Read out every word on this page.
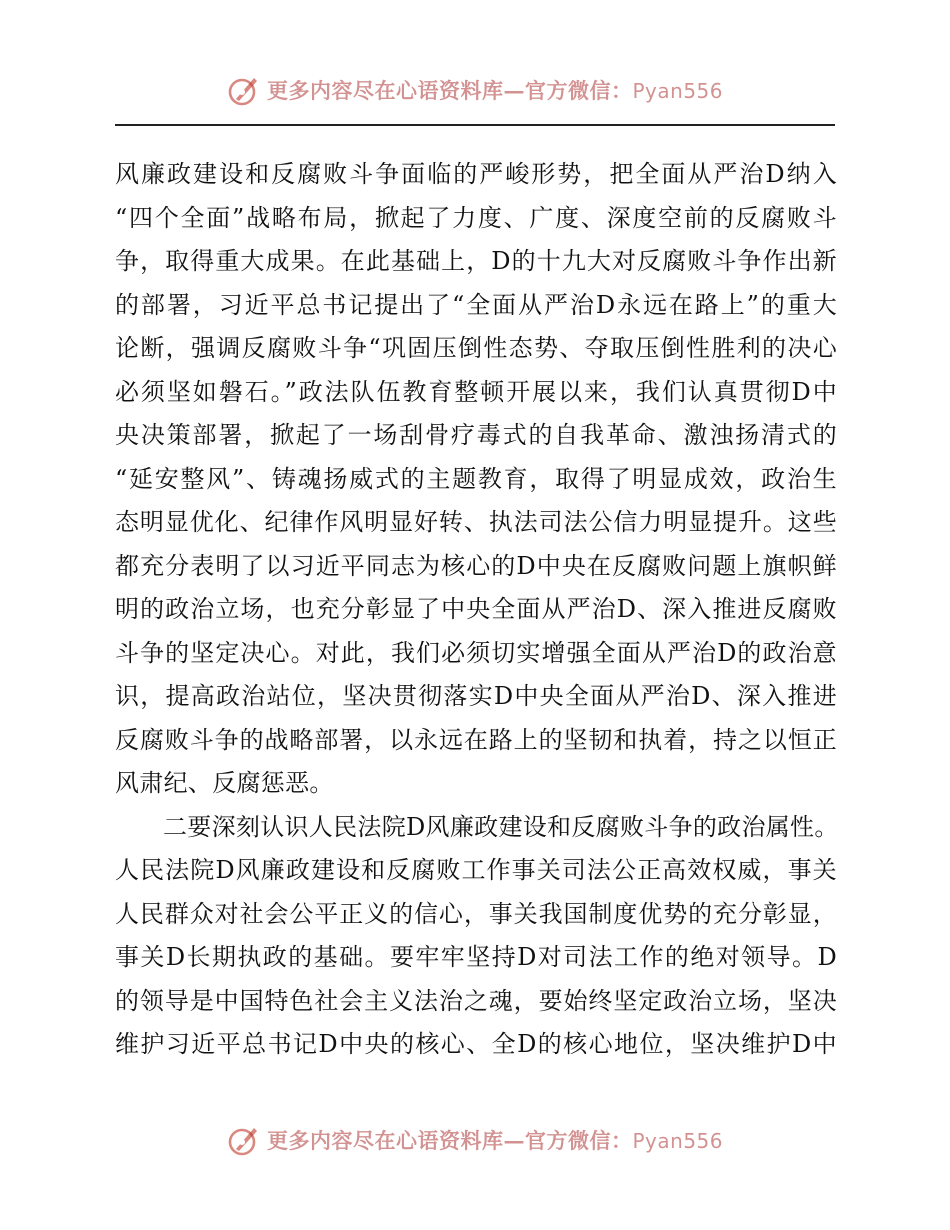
更多内容尽在心语资料库—官方微信：Pyan556
风廉政建设和反腐败斗争面临的严峻形势，把全面从严治D纳入
“四个全面”战略布局，掀起了力度、广度、深度空前的反腐败斗
争，取得重大成果。在此基础上，D的十九大对反腐败斗争作出新
的部署，习近平总书记提出了“全面从严治D永远在路上”的重大
论断，强调反腐败斗争“巩固压倒性态势、夺取压倒性胜利的决心
必须坚如磐石。”政法队伍教育整顿开展以来，我们认真贯彻D中
央决策部署，掀起了一场刮骨疗毒式的自我革命、激浊扬清式的
“延安整风”、铸魂扬威式的主题教育，取得了明显成效，政治生
态明显优化、纪律作风明显好转、执法司法公信力明显提升。这些
都充分表明了以习近平同志为核心的D中央在反腐败问题上旗帜鲜
明的政治立场，也充分彰显了中央全面从严治D、深入推进反腐败
斗争的坚定决心。对此，我们必须切实增强全面从严治D的政治意
识，提高政治站位，坚决贯彻落实D中央全面从严治D、深入推进
反腐败斗争的战略部署，以永远在路上的坚韧和执着，持之以恒正
风肃纪、反腐惩恶。
二要深刻认识人民法院D风廉政建设和反腐败斗争的政治属性。
人民法院D风廉政建设和反腐败工作事关司法公正高效权威，事关
人民群众对社会公平正义的信心，事关我国制度优势的充分彰显，
事关D长期执政的基础。要牢牢坚持D对司法工作的绝对领导。D
的领导是中国特色社会主义法治之魂，要始终坚定政治立场，坚决
维护习近平总书记D中央的核心、全D的核心地位，坚决维护D中
更多内容尽在心语资料库—官方微信：Pyan556
